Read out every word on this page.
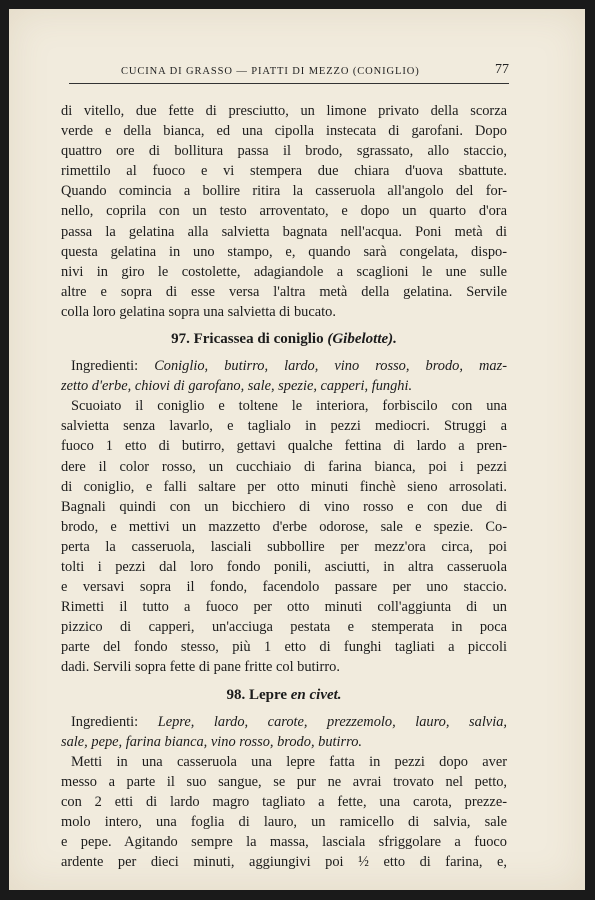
CUCINA DI GRASSO — PIATTI DI MEZZO (CONIGLIO)	77
di vitello, due fette di presciutto, un limone privato della scorza
verde e della bianca, ed una cipolla instecata di garofani. Dopo
quattro ore di bollitura passa il brodo, sgrassato, allo staccio,
rimettilo al fuoco e vi stempera due chiara d'uova sbattute.
Quando comincia a bollire ritira la casseruola all'angolo del for-
nello, coprila con un testo arroventato, e dopo un quarto d'ora
passa la gelatina alla salvietta bagnata nell'acqua. Poni metà di
questa gelatina in uno stampo, e, quando sarà congelata, dispo-
nivi in giro le costolette, adagiandole a scaglioni le une sulle
altre e sopra di esse versa l'altra metà della gelatina. Servile
colla loro gelatina sopra una salvietta di bucato.
97. Fricassea di coniglio (Gibelotte).
Ingredienti: Coniglio, butirro, lardo, vino rosso, brodo, maz-
zetto d'erbe, chiovi di garofano, sale, spezie, capperi, funghi.
Scuoiato il coniglio e toltene le interiora, forbiscilo con una
salvietta senza lavarlo, e taglialo in pezzi mediocri. Struggi a
fuoco 1 etto di butirro, gettavi qualche fettina di lardo a pren-
dere il color rosso, un cucchiaio di farina bianca, poi i pezzi
di coniglio, e falli saltare per otto minuti finchè sieno arrosolati.
Bagnali quindi con un bicchiero di vino rosso e con due di
brodo, e mettivi un mazzetto d'erbe odorose, sale e spezie. Co-
perta la casseruola, lasciali subbollire per mezz'ora circa, poi
tolti i pezzi dal loro fondo ponili, asciutti, in altra casseruola
e versavi sopra il fondo, facendolo passare per uno staccio.
Rimetti il tutto a fuoco per otto minuti coll'aggiunta di un
pizzico di capperi, un'acciuga pestata e stemperata in poca
parte del fondo stesso, più 1 etto di funghi tagliati a piccoli
dadi. Servili sopra fette di pane fritte col butirro.
98. Lepre en civet.
Ingredienti: Lepre, lardo, carote, prezzemolo, lauro, salvia,
sale, pepe, farina bianca, vino rosso, brodo, butirro.
Metti in una casseruola una lepre fatta in pezzi dopo aver
messo a parte il suo sangue, se pur ne avrai trovato nel petto,
con 2 etti di lardo magro tagliato a fette, una carota, prezze-
molo intero, una foglia di lauro, un ramicello di salvia, sale
e pepe. Agitando sempre la massa, lasciala sfriggolare a fuoco
ardente per dieci minuti, aggiungivi poi ½ etto di farina, e,
